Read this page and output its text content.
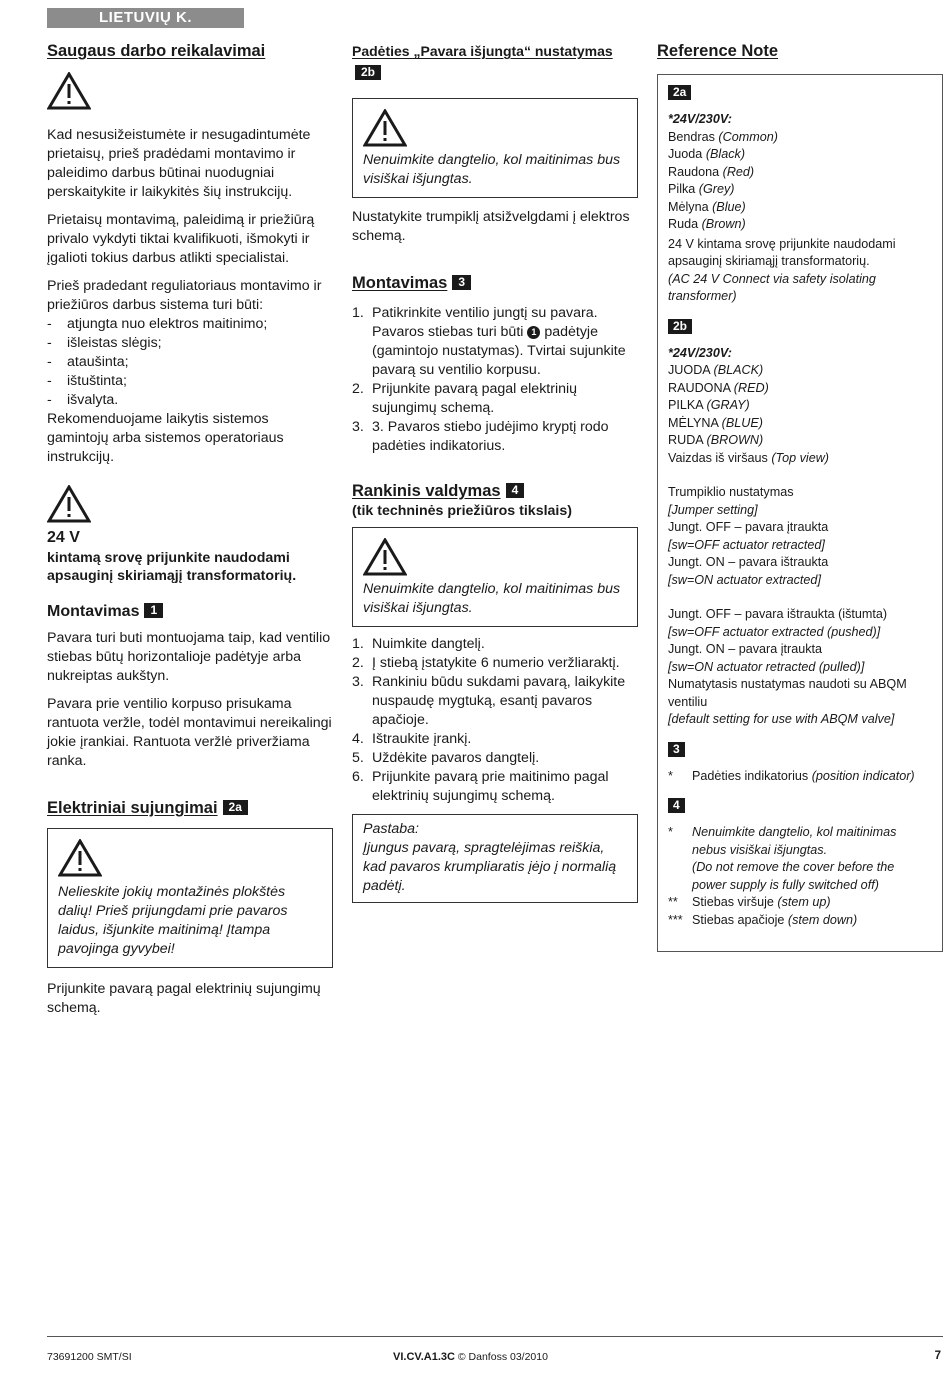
LIETUVIŲ K.
Saugaus darbo reikalavimai

Kad nesusižeistumėte ir nesugadintumėte prietaisų, prieš pradėdami montavimo ir paleidimo darbus būtinai nuodugniai perskaitykite ir laikykitės šių instrukcijų.

Prietaisų montavimą, paleidimą ir priežiūrą privalo vykdyti tiktai kvalifikuoti, išmokyti ir įgalioti tokius darbus atlikti specialistai.

Prieš pradedant reguliatoriaus montavimo ir priežiūros darbus sistema turi būti:

- atjungta nuo elektros maitinimo;
- išleistas slėgis;
- ataušinta;
- ištuštinta;
- išvalyta.

Rekomenduojame laikytis sistemos gamintojų arba sistemos operatoriaus instrukcijų.

24 V

kintamą srovę prijunkite naudodami apsauginį skiriamąjį transformatorių.

Montavimas 1

Pavara turi buti montuojama taip, kad ventilio stiebas būtų horizontalioje padėtyje arba nukreiptas aukštyn.

Pavara prie ventilio korpuso prisukama rantuota veržle, todėl montavimui nereikalingi jokie įrankiai. Rantuota veržlė priveržiama ranka.

Elektriniai sujungimai 2a

Nelieskite jokių montažinės plokštės dalių! Prieš prijungdami prie pavaros laidus, išjunkite maitinimą! Įtampa pavojinga gyvybei!

Prijunkite pavarą pagal elektrinių sujungimų schemą.

Padėties „Pavara išjungta“ nustatymas2b

Nenuimkite dangtelio, kol maitinimas bus visiškai išjungtas.

Nustatykite trumpiklį atsižvelgdami į elektros schemą.

Montavimas 3
1. Patikrinkite ventilio jungtį su pavara. Pavaros stiebas turi būti 1 padėtyje (gamintojo nustatymas). Tvirtai sujunkite pavarą su ventilio korpusu.
2. Prijunkite pavarą pagal elektrinių sujungimų schemą.
3. 3. Pavaros stiebo judėjimo kryptį rodo padėties indikatorius.
Rankinis valdymas 4

(tik techninės priežiūros tikslais)

Nenuimkite dangtelio, kol maitinimas bus visiškai išjungtas.

1. Nuimkite dangtelį.
2. Į stiebą įstatykite 6 numerio veržliaraktį.
3. Rankiniu būdu sukdami pavarą, laikykite nuspaudę mygtuką, esantį pavaros apačioje.
4. Ištraukite įrankį.
5. Uždėkite pavaros dangtelį.
6. Prijunkite pavarą prie maitinimo pagal elektrinių sujungimų schemą.

Pastaba:

Įjungus pavarą, spragtelėjimas reiškia, kad pavaros krumpliaratis įėjo į normalią padėtį.

Reference Note
2a

*24V/230V:

Bendras (Common)

Juoda (Black)

Raudona (Red)

Pilka (Grey)

Mėlyna (Blue)

Ruda (Brown)

24 V kintama srovę prijunkite naudodami apsauginį skiriamąjį transformatorių.

(AC 24 V Connect via safety isolating transformer)

2b

*24V/230V:

JUODA (BLACK)

RAUDONA (RED)

PILKA (GRAY)

MĖLYNA (BLUE)

RUDA (BROWN)

Vaizdas iš viršaus (Top view)

Trumpiklio nustatymas

[Jumper setting]

Jungt. OFF – pavara įtraukta

[sw=OFF actuator retracted]

Jungt. ON – pavara ištraukta

[sw=ON actuator extracted]

Jungt. OFF – pavara ištraukta (ištumta)

[sw=OFF actuator extracted (pushed)]

Jungt. ON – pavara įtraukta

[sw=ON actuator retracted (pulled)]

Numatytasis nustatymas naudoti su ABQM ventiliu

[default setting for use with ABQM valve]

3
* Padėties indikatorius (position indicator)
4
* Nenuimkite dangtelio, kol maitinimas nebus visiškai išjungtas.
(Do not remove the cover before the power supply is fully switched off)
** Stiebas viršuje (stem up)
*** Stiebas apačioje (stem down)
73691200 SMT/SI	VI.CV.A1.3C © Danfoss 03/2010	7
